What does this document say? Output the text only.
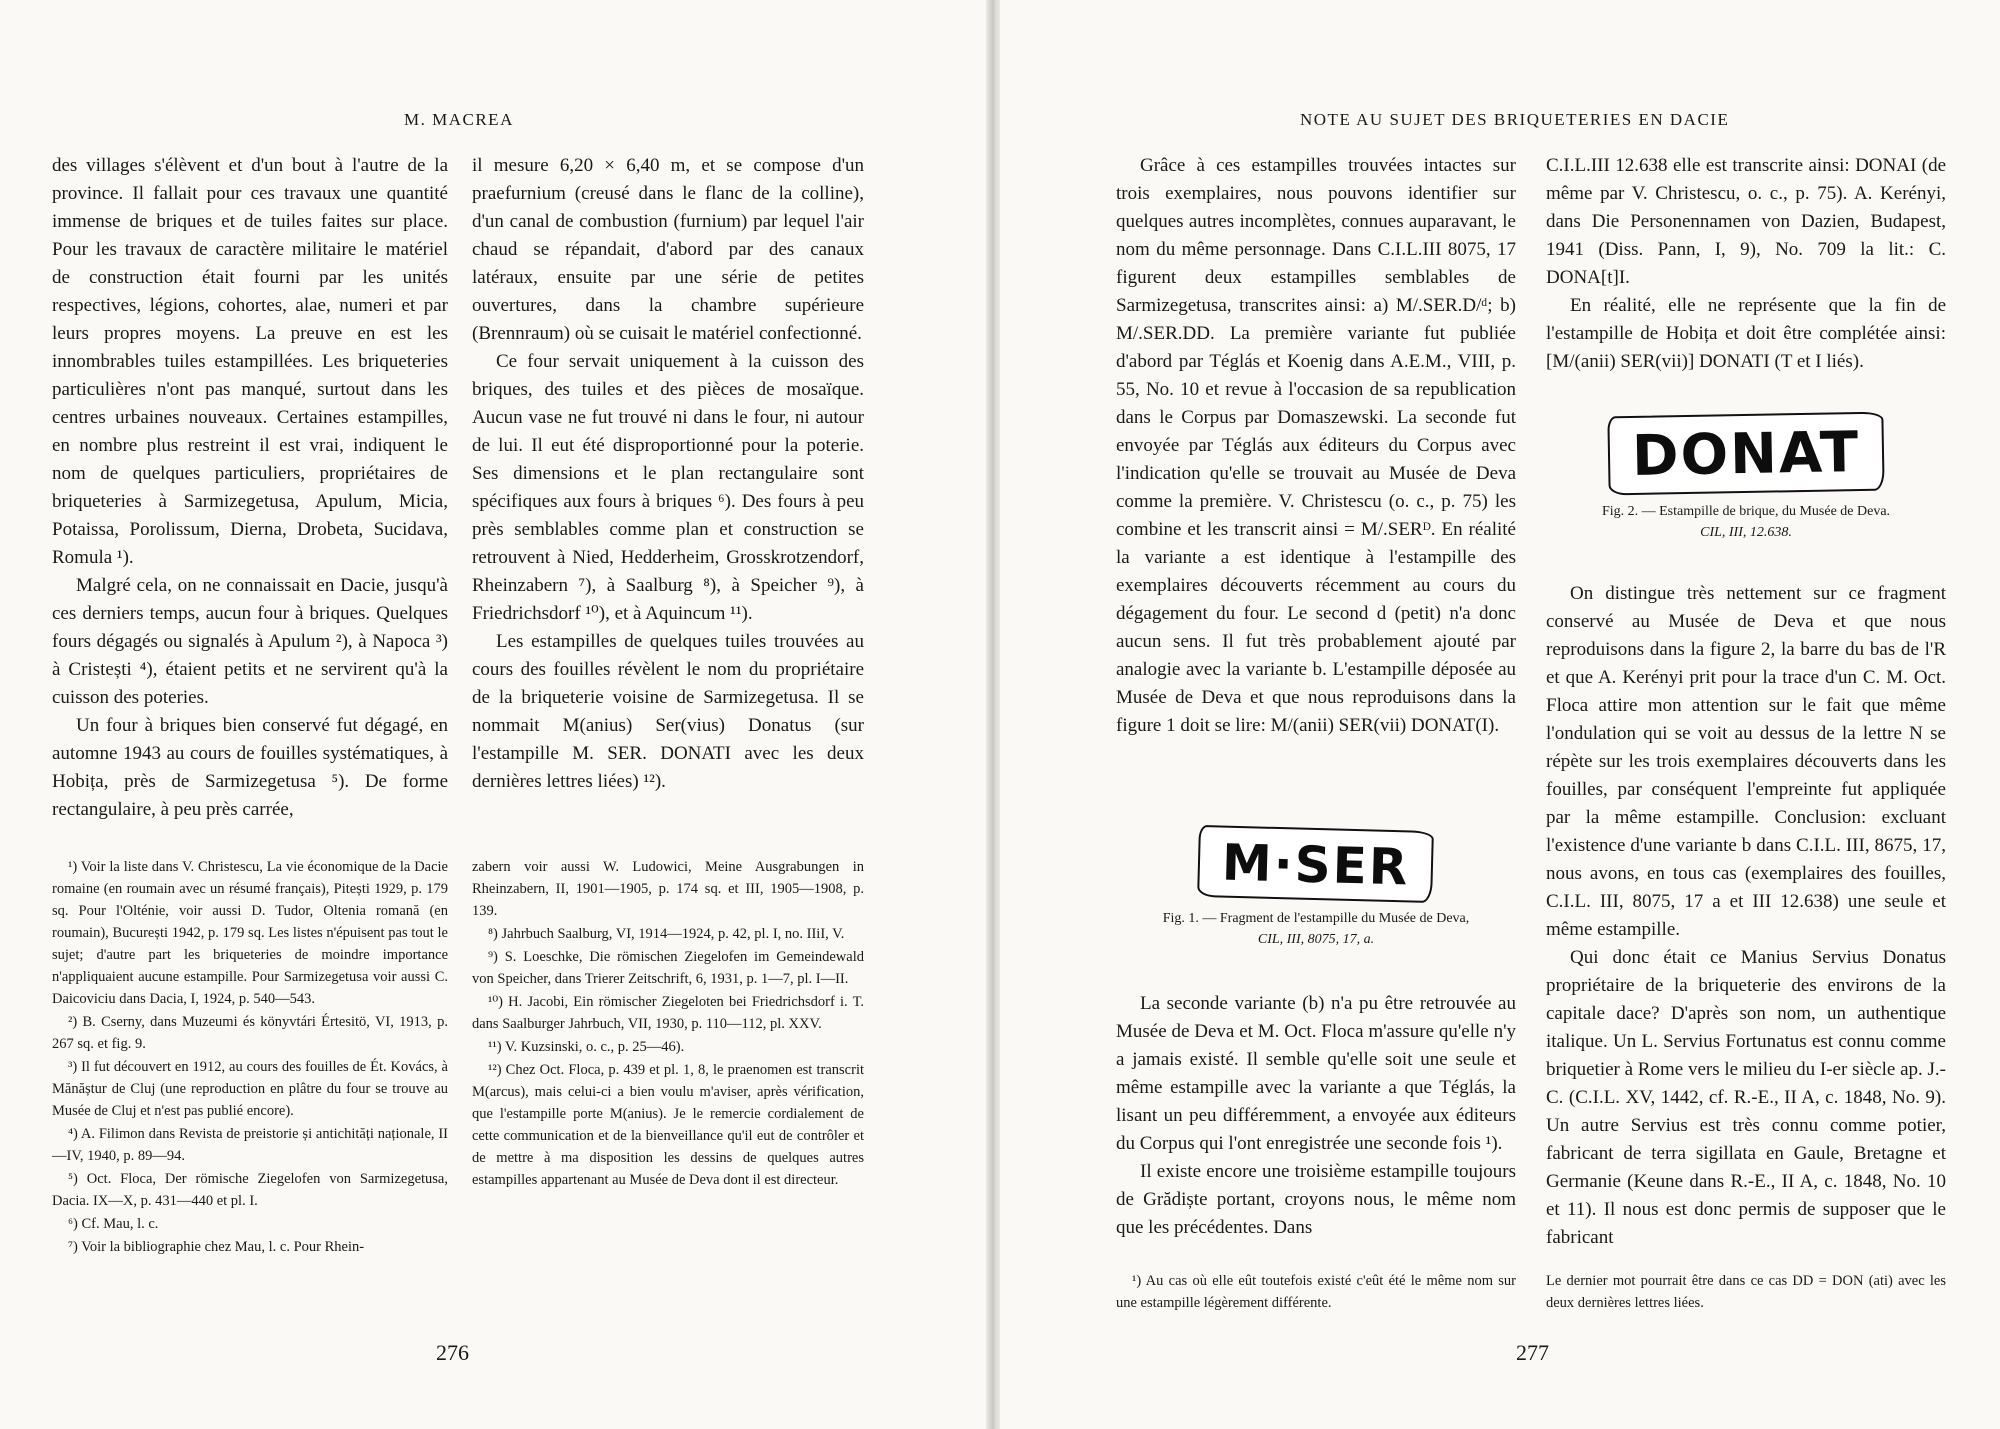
M. MACREA

des villages s'élèvent et d'un bout à l'autre de la province. Il fallait pour ces travaux une quantité immense de briques et de tuiles faites sur place. Pour les travaux de caractère militaire le matériel de construction était fourni par les unités respectives, légions, cohortes, alae, numeri et par leurs propres moyens. La preuve en est les innombrables tuiles estampillées. Les briqueteries particulières n'ont pas manqué, surtout dans les centres urbaines nouveaux. Certaines estampilles, en nombre plus restreint il est vrai, indiquent le nom de quelques particuliers, propriétaires de briqueteries à Sarmizegetusa, Apulum, Micia, Potaissa, Porolissum, Dierna, Drobeta, Sucidava, Romula ¹).

Malgré cela, on ne connaissait en Dacie, jusqu'à ces derniers temps, aucun four à briques. Quelques fours dégagés ou signalés à Apulum ²), à Napoca ³) à Cristești ⁴), étaient petits et ne servirent qu'à la cuisson des poteries.

Un four à briques bien conservé fut dégagé, en automne 1943 au cours de fouilles systématiques, à Hobița, près de Sarmizegetusa ⁵). De forme rectangulaire, à peu près carrée,

il mesure 6,20 × 6,40 m, et se compose d'un praefurnium (creusé dans le flanc de la colline), d'un canal de combustion (furnium) par lequel l'air chaud se répandait, d'abord par des canaux latéraux, ensuite par une série de petites ouvertures, dans la chambre supérieure (Brennraum) où se cuisait le matériel confectionné.

Ce four servait uniquement à la cuisson des briques, des tuiles et des pièces de mosaïque. Aucun vase ne fut trouvé ni dans le four, ni autour de lui. Il eut été disproportionné pour la poterie. Ses dimensions et le plan rectangulaire sont spécifiques aux fours à briques ⁶). Des fours à peu près semblables comme plan et construction se retrouvent à Nied, Hedderheim, Grosskrotzendorf, Rheinzabern ⁷), à Saalburg ⁸), à Speicher ⁹), à Friedrichsdorf ¹⁰), et à Aquincum ¹¹).

Les estampilles de quelques tuiles trouvées au cours des fouilles révèlent le nom du propriétaire de la briqueterie voisine de Sarmizegetusa. Il se nommait M(anius) Ser(vius) Donatus (sur l'estampille M. SER. DONATI avec les deux dernières lettres liées) ¹²).

¹) Voir la liste dans V. Christescu, La vie économique de la Dacie romaine (en roumain avec un résumé français), Pitești 1929, p. 179 sq. Pour l'Olténie, voir aussi D. Tudor, Oltenia romană (en roumain), București 1942, p. 179 sq. Les listes n'épuisent pas tout le sujet; d'autre part les briqueteries de moindre importance n'appliquaient aucune estampille. Pour Sarmizegetusa voir aussi C. Daicoviciu dans Dacia, I, 1924, p. 540—543.

²) B. Cserny, dans Muzeumi és könyvtári Értesitö, VI, 1913, p. 267 sq. et fig. 9.

³) Il fut découvert en 1912, au cours des fouilles de Ét. Kovács, à Mănăștur de Cluj (une reproduction en plâtre du four se trouve au Musée de Cluj et n'est pas publié encore).

⁴) A. Filimon dans Revista de preistorie și antichități naționale, II—IV, 1940, p. 89—94.

⁵) Oct. Floca, Der römische Ziegelofen von Sarmizegetusa, Dacia. IX—X, p. 431—440 et pl. I.

⁶) Cf. Mau, l. c.

⁷) Voir la bibliographie chez Mau, l. c. Pour Rhein-

zabern voir aussi W. Ludowici, Meine Ausgrabungen in Rheinzabern, II, 1901—1905, p. 174 sq. et III, 1905—1908, p. 139.

⁸) Jahrbuch Saalburg, VI, 1914—1924, p. 42, pl. I, no. IIiI, V.

⁹) S. Loeschke, Die römischen Ziegelofen im Gemeindewald von Speicher, dans Trierer Zeitschrift, 6, 1931, p. 1—7, pl. I—II.

¹⁰) H. Jacobi, Ein römischer Ziegeloten bei Friedrichsdorf i. T. dans Saalburger Jahrbuch, VII, 1930, p. 110—112, pl. XXV.

¹¹) V. Kuzsinski, o. c., p. 25—46).

¹²) Chez Oct. Floca, p. 439 et pl. 1, 8, le praenomen est transcrit M(arcus), mais celui-ci a bien voulu m'aviser, après vérification, que l'estampille porte M(anius). Je le remercie cordialement de cette communication et de la bienveillance qu'il eut de contrôler et de mettre à ma disposition les dessins de quelques autres estampilles appartenant au Musée de Deva dont il est directeur.

276
NOTE AU SUJET DES BRIQUETERIES EN DACIE

Grâce à ces estampilles trouvées intactes sur trois exemplaires, nous pouvons identifier sur quelques autres incomplètes, connues auparavant, le nom du même personnage. Dans C.I.L.III 8075, 17 figurent deux estampilles semblables de Sarmizegetusa, transcrites ainsi: a) M/.SER.D/ᵈ; b) M/.SER.DD. La première variante fut publiée d'abord par Téglás et Koenig dans A.E.M., VIII, p. 55, No. 10 et revue à l'occasion de sa republication dans le Corpus par Domaszewski. La seconde fut envoyée par Téglás aux éditeurs du Corpus avec l'indication qu'elle se trouvait au Musée de Deva comme la première. V. Christescu (o. c., p. 75) les combine et les transcrit ainsi = M/.SERᴰ. En réalité la variante a est identique à l'estampille des exemplaires découverts récemment au cours du dégagement du four. Le second d (petit) n'a donc aucun sens. Il fut très probablement ajouté par analogie avec la variante b. L'estampille déposée au Musée de Deva et que nous reproduisons dans la figure 1 doit se lire: M/(anii) SER(vii) DONAT(I).

M·SER
Fig. 1. — Fragment de l'estampille du Musée de Deva,
CIL, III, 8075, 17, a.

La seconde variante (b) n'a pu être retrouvée au Musée de Deva et M. Oct. Floca m'assure qu'elle n'y a jamais existé. Il semble qu'elle soit une seule et même estampille avec la variante a que Téglás, la lisant un peu différemment, a envoyée aux éditeurs du Corpus qui l'ont enregistrée une seconde fois ¹).

Il existe encore une troisième estampille toujours de Grădiște portant, croyons nous, le même nom que les précédentes. Dans

¹) Au cas où elle eût toutefois existé c'eût été le même nom sur une estampille légèrement différente.

C.I.L.III 12.638 elle est transcrite ainsi: DONAI (de même par V. Christescu, o. c., p. 75). A. Kerényi, dans Die Personennamen von Dazien, Budapest, 1941 (Diss. Pann, I, 9), No. 709 la lit.: C. DONA[t]I.

En réalité, elle ne représente que la fin de l'estampille de Hobița et doit être complétée ainsi: [M/(anii) SER(vii)] DONATI (T et I liés).

DONAT
Fig. 2. — Estampille de brique, du Musée de Deva.
CIL, III, 12.638.

On distingue très nettement sur ce fragment conservé au Musée de Deva et que nous reproduisons dans la figure 2, la barre du bas de l'R et que A. Kerényi prit pour la trace d'un C. M. Oct. Floca attire mon attention sur le fait que même l'ondulation qui se voit au dessus de la lettre N se répète sur les trois exemplaires découverts dans les fouilles, par conséquent l'empreinte fut appliquée par la même estampille. Conclusion: excluant l'existence d'une variante b dans C.I.L. III, 8675, 17, nous avons, en tous cas (exemplaires des fouilles, C.I.L. III, 8075, 17 a et III 12.638) une seule et même estampille.

Qui donc était ce Manius Servius Donatus propriétaire de la briqueterie des environs de la capitale dace? D'après son nom, un authentique italique. Un L. Servius Fortunatus est connu comme briquetier à Rome vers le milieu du I-er siècle ap. J.-C. (C.I.L. XV, 1442, cf. R.-E., II A, c. 1848, No. 9). Un autre Servius est très connu comme potier, fabricant de terra sigillata en Gaule, Bretagne et Germanie (Keune dans R.-E., II A, c. 1848, No. 10 et 11). Il nous est donc permis de supposer que le fabricant

Le dernier mot pourrait être dans ce cas DD = DON (ati) avec les deux dernières lettres liées.

277
